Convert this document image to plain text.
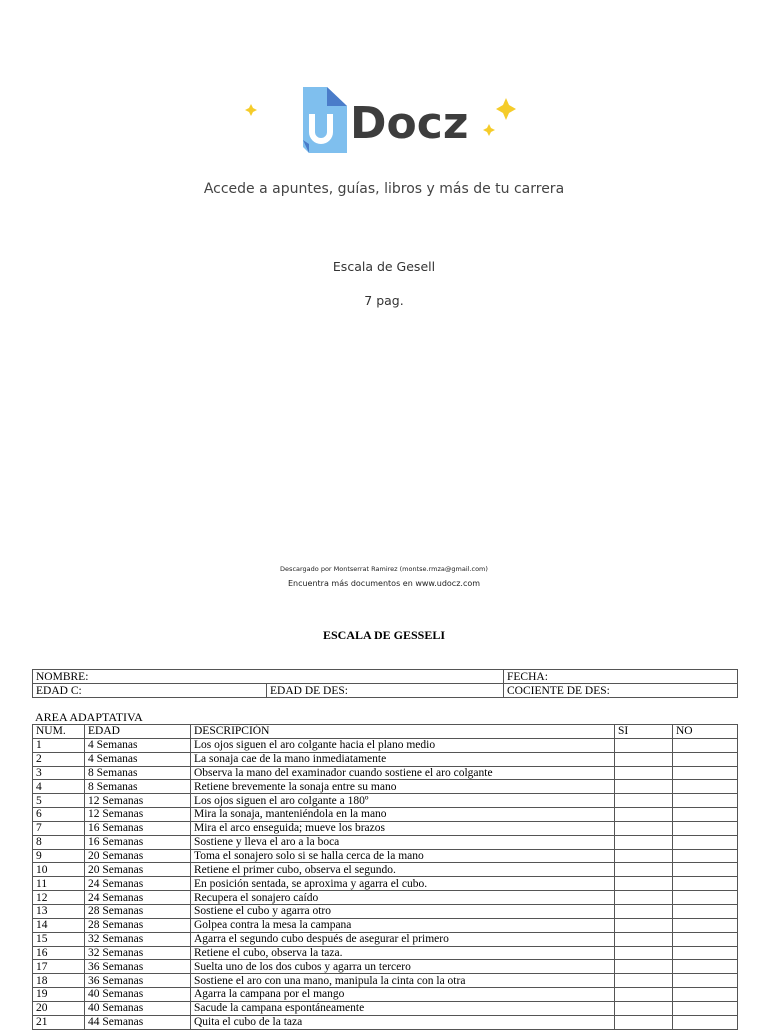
Docz
Accede a apuntes, guías, libros y más de tu carrera
Escala de Gesell
7 pag.
Descargado por Montserrat Ramirez (montse.rmza@gmail.com)
Encuentra más documentos en www.udocz.com
ESCALA DE GESSELI
NOMBRE:		FECHA:
EDAD C:	EDAD DE DES:	COCIENTE DE DES:
AREA ADAPTATIVA
NUM.	EDAD	DESCRIPCIÓN	SI	NO
1	4 Semanas	Los ojos siguen el aro colgante hacia el plano medio		
2	4 Semanas	La sonaja cae de la mano inmediatamente		
3	8 Semanas	Observa la mano del examinador cuando sostiene el aro colgante		
4	8 Semanas	Retiene brevemente la sonaja entre su mano		
5	12 Semanas	Los ojos siguen el aro colgante a 180º		
6	12 Semanas	Mira la sonaja, manteniéndola en la mano		
7	16 Semanas	Mira el arco enseguida; mueve los brazos		
8	16 Semanas	Sostiene y lleva el aro a la boca		
9	20 Semanas	Toma el sonajero solo si se halla cerca de la mano		
10	20 Semanas	Retiene el primer cubo, observa el segundo.		
11	24 Semanas	En posición sentada, se aproxima y agarra el cubo.		
12	24 Semanas	Recupera el sonajero caído		
13	28 Semanas	Sostiene el cubo y agarra otro		
14	28 Semanas	Golpea contra la mesa la campana		
15	32 Semanas	Agarra el segundo cubo después de asegurar el primero		
16	32 Semanas	Retiene el cubo, observa la taza.		
17	36 Semanas	Suelta uno de los dos cubos y agarra un tercero		
18	36 Semanas	Sostiene el aro con una mano, manipula la cinta con la otra		
19	40 Semanas	Agarra la campana por el mango		
20	40 Semanas	Sacude la campana espontáneamente		
21	44 Semanas	Quita el cubo de la taza		
